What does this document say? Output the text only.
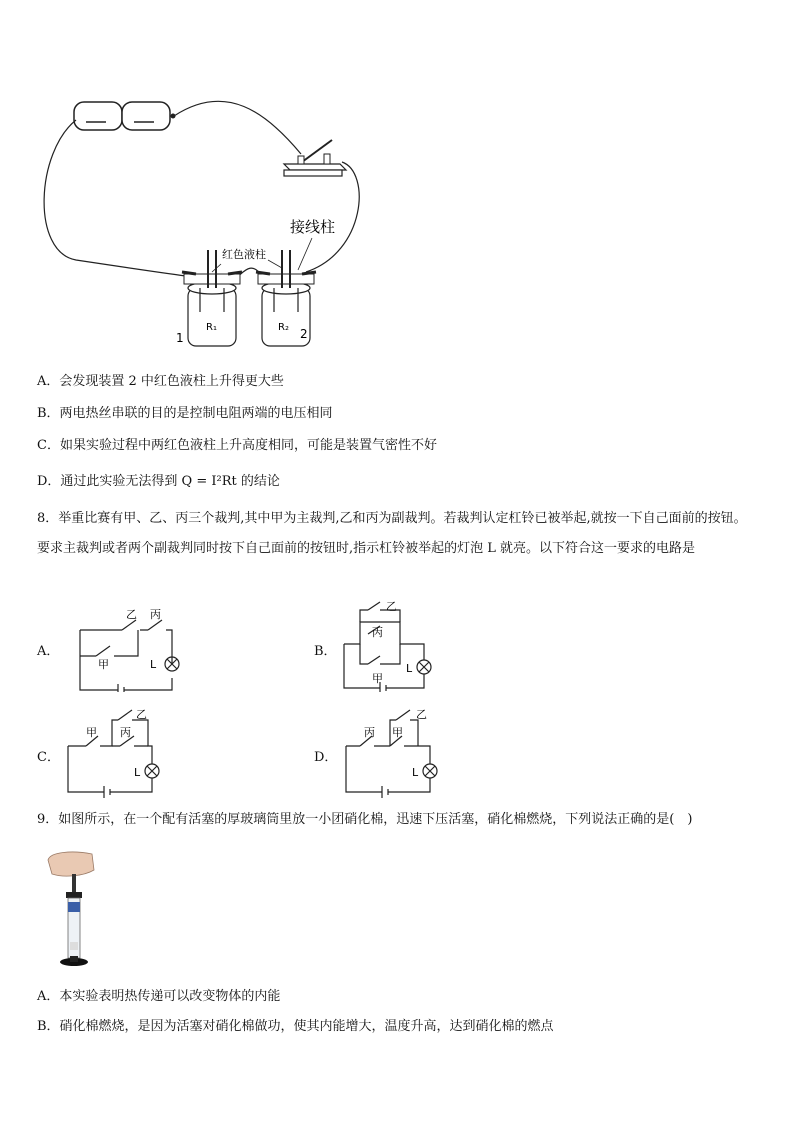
接线柱
红色液柱
R₁	R₂
1	2
A．会发现装置 2 中红色液柱上升得更大些
B．两电热丝串联的目的是控制电阻两端的电压相同
C．如果实验过程中两红色液柱上升高度相同，可能是装置气密性不好
D．通过此实验无法得到 Q = I²Rt 的结论
8．举重比赛有甲、乙、丙三个裁判,其中甲为主裁判,乙和丙为副裁判。若裁判认定杠铃已被举起,就按一下自己面前的按钮。要求主裁判或者两个副裁判同时按下自己面前的按钮时,指示杠铃被举起的灯泡 L 就亮。以下符合这一要求的电路是
A．
乙 丙
甲	L
B．
乙
丙
甲
L
C．
甲
乙
丙
L
D．
丙 甲
乙
L
9．如图所示，在一个配有活塞的厚玻璃筒里放一小团硝化棉，迅速下压活塞，硝化棉燃烧，下列说法正确的是(　)
A．本实验表明热传递可以改变物体的内能
B．硝化棉燃烧，是因为活塞对硝化棉做功，使其内能增大，温度升高，达到硝化棉的燃点
